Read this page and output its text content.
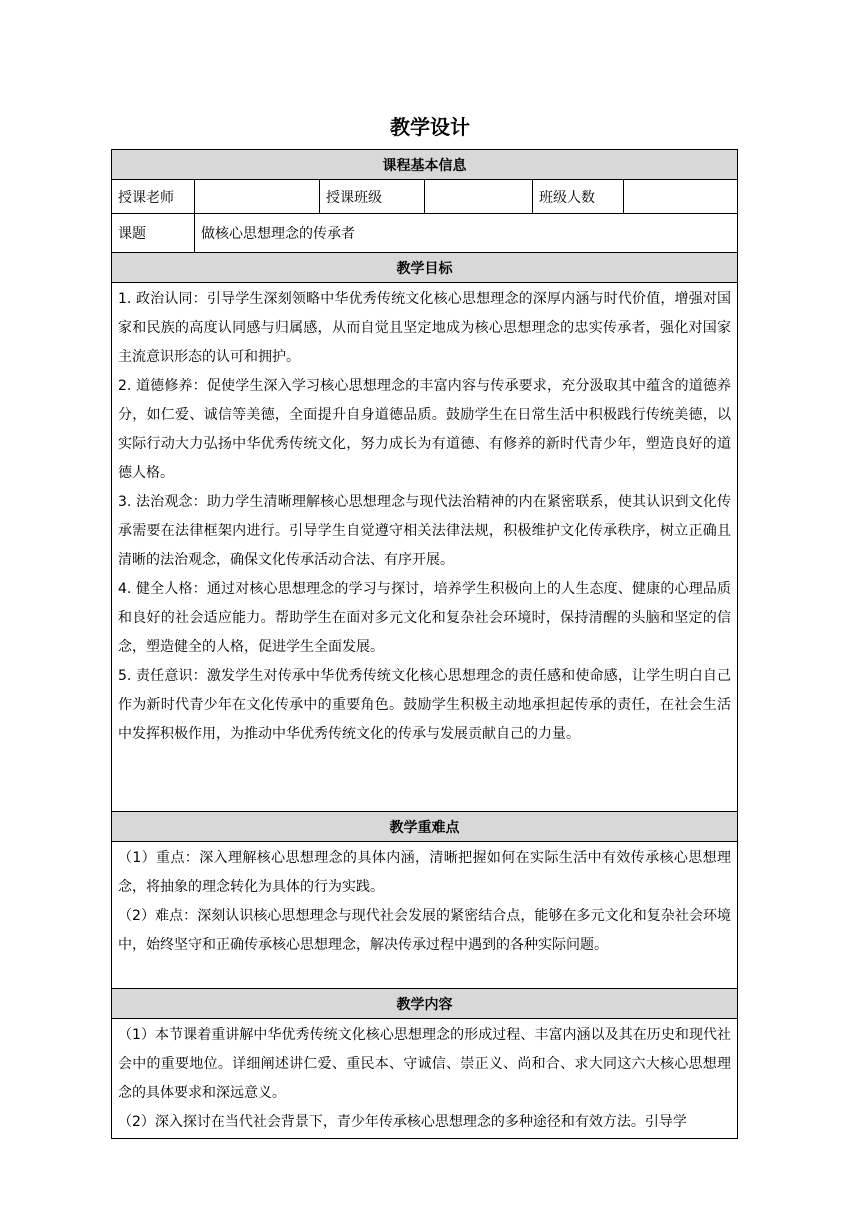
教学设计
课程基本信息					
授课老师		授课班级		班级人数	
课题	做核心思想理念的传承者				
教学目标					

1. 政治认同：引导学生深刻领略中华优秀传统文化核心思想理念的深厚内涵与时代价值，增强对国家和民族的高度认同感与归属感，从而自觉且坚定地成为核心思想理念的忠实传承者，强化对国家主流意识形态的认可和拥护。

2. 道德修养：促使学生深入学习核心思想理念的丰富内容与传承要求，充分汲取其中蕴含的道德养分，如仁爱、诚信等美德，全面提升自身道德品质。鼓励学生在日常生活中积极践行传统美德，以实际行动大力弘扬中华优秀传统文化，努力成长为有道德、有修养的新时代青少年，塑造良好的道德人格。

3. 法治观念：助力学生清晰理解核心思想理念与现代法治精神的内在紧密联系，使其认识到文化传承需要在法律框架内进行。引导学生自觉遵守相关法律法规，积极维护文化传承秩序，树立正确且清晰的法治观念，确保文化传承活动合法、有序开展。

4. 健全人格：通过对核心思想理念的学习与探讨，培养学生积极向上的人生态度、健康的心理品质和良好的社会适应能力。帮助学生在面对多元文化和复杂社会环境时，保持清醒的头脑和坚定的信念，塑造健全的人格，促进学生全面发展。

5. 责任意识：激发学生对传承中华优秀传统文化核心思想理念的责任感和使命感，让学生明白自己作为新时代青少年在文化传承中的重要角色。鼓励学生积极主动地承担起传承的责任，在社会生活中发挥积极作用，为推动中华优秀传统文化的传承与发展贡献自己的力量。					

教学重难点					

（1）重点：深入理解核心思想理念的具体内涵，清晰把握如何在实际生活中有效传承核心思想理念，将抽象的理念转化为具体的行为实践。

（2）难点：深刻认识核心思想理念与现代社会发展的紧密结合点，能够在多元文化和复杂社会环境中，始终坚守和正确传承核心思想理念，解决传承过程中遇到的各种实际问题。					

教学内容					

（1）本节课着重讲解中华优秀传统文化核心思想理念的形成过程、丰富内涵以及其在历史和现代社会中的重要地位。详细阐述讲仁爱、重民本、守诚信、崇正义、尚和合、求大同这六大核心思想理念的具体要求和深远意义。

（2）深入探讨在当代社会背景下，青少年传承核心思想理念的多种途径和有效方法。引导学					
